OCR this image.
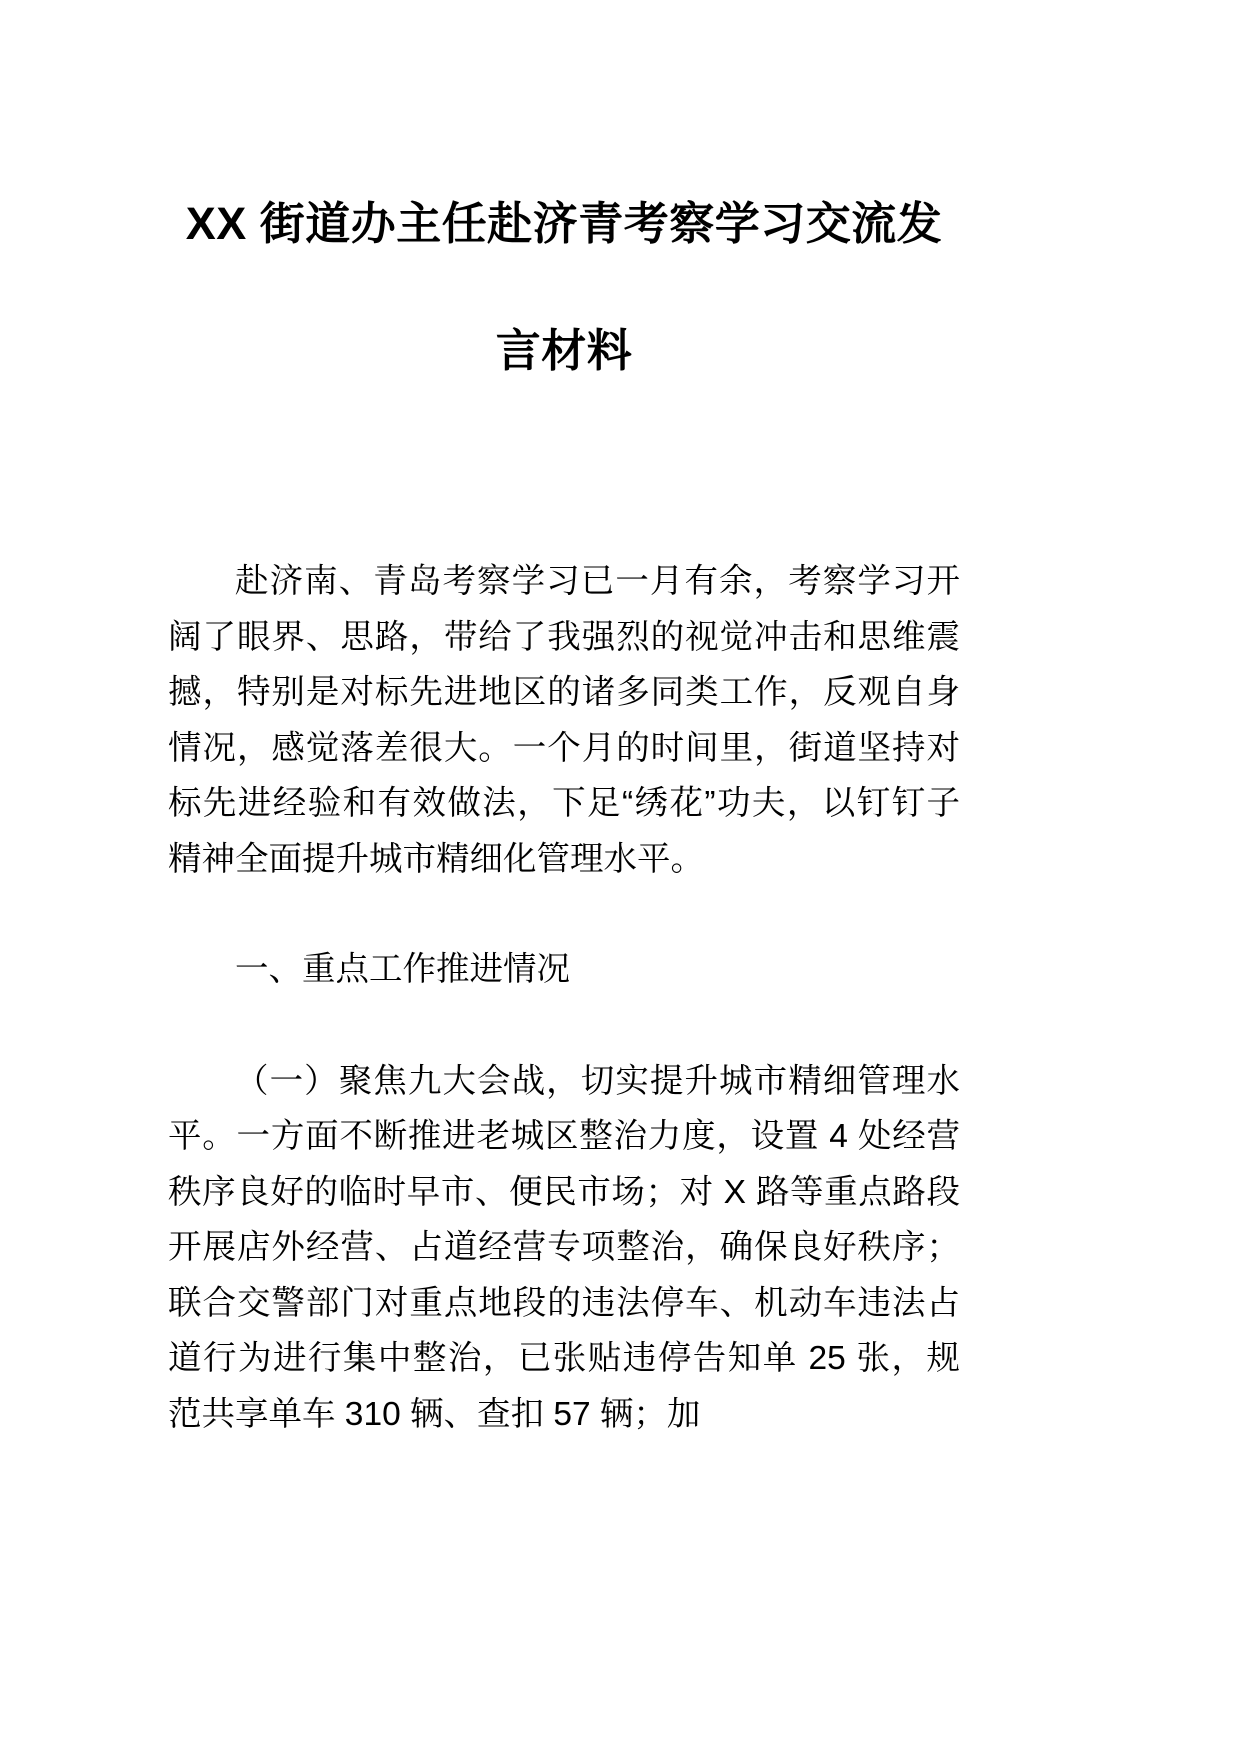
XX 街道办主任赴济青考察学习交流发言材料

赴济南、青岛考察学习已一月有余，考察学习开阔了眼界、思路，带给了我强烈的视觉冲击和思维震撼，特别是对标先进地区的诸多同类工作，反观自身情况，感觉落差很大。一个月的时间里，街道坚持对标先进经验和有效做法，下足“绣花”功夫，以钉钉子精神全面提升城市精细化管理水平。

一、重点工作推进情况

（一）聚焦九大会战，切实提升城市精细管理水平。一方面不断推进老城区整治力度，设置 4 处经营秩序良好的临时早市、便民市场；对 X 路等重点路段开展店外经营、占道经营专项整治，确保良好秩序；联合交警部门对重点地段的违法停车、机动车违法占道行为进行集中整治，已张贴违停告知单 25 张，规范共享单车 310 辆、查扣 57 辆；加
